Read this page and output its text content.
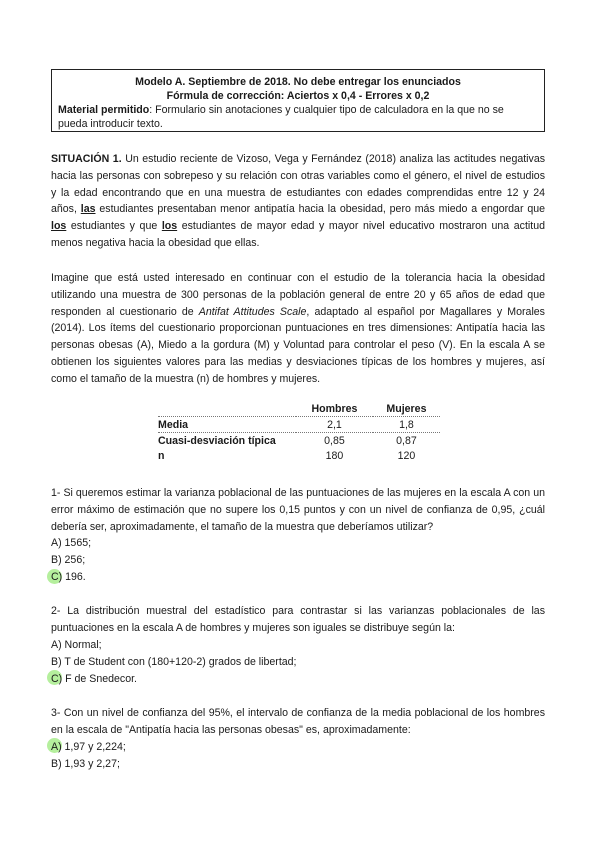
Modelo A. Septiembre de 2018. No debe entregar los enunciados
Fórmula de corrección: Aciertos x 0,4 - Errores x 0,2
Material permitido: Formulario sin anotaciones y cualquier tipo de calculadora en la que no se
pueda introducir texto.

SITUACIÓN 1. Un estudio reciente de Vizoso, Vega y Fernández (2018) analiza las actitudes negativas hacia las personas con sobrepeso y su relación con otras variables como el género, el nivel de estudios y la edad encontrando que en una muestra de estudiantes con edades comprendidas entre 12 y 24 años, las estudiantes presentaban menor antipatía hacia la obesidad, pero más miedo a engordar que los estudiantes y que los estudiantes de mayor edad y mayor nivel educativo mostraron una actitud menos negativa hacia la obesidad que ellas.

Imagine que está usted interesado en continuar con el estudio de la tolerancia hacia la obesidad utilizando una muestra de 300 personas de la población general de entre 20 y 65 años de edad que responden al cuestionario de Antifat Attitudes Scale, adaptado al español por Magallares y Morales (2014). Los ítems del cuestionario proporcionan puntuaciones en tres dimensiones: Antipatía hacia las personas obesas (A), Miedo a la gordura (M) y Voluntad para controlar el peso (V). En la escala A se obtienen los siguientes valores para las medias y desviaciones típicas de los hombres y mujeres, así como el tamaño de la muestra (n) de hombres y mujeres.

	Hombres	Mujeres
Media	2,1	1,8
Cuasi-desviación típica	0,85	0,87
n	180	120
1- Si queremos estimar la varianza poblacional de las puntuaciones de las mujeres en la escala A con un error máximo de estimación que no supere los 0,15 puntos y con un nivel de confianza de 0,95, ¿cuál debería ser, aproximadamente, el tamaño de la muestra que deberíamos utilizar?
A) 1565;
B) 256;
C) 196.
2- La distribución muestral del estadístico para contrastar si las varianzas poblacionales de las puntuaciones en la escala A de hombres y mujeres son iguales se distribuye según la:
A) Normal;
B) T de Student con (180+120-2) grados de libertad;
C) F de Snedecor.
3- Con un nivel de confianza del 95%, el intervalo de confianza de la media poblacional de los hombres en la escala de "Antipatía hacia las personas obesas" es, aproximadamente:
A) 1,97 y 2,224;
B) 1,93 y 2,27;
